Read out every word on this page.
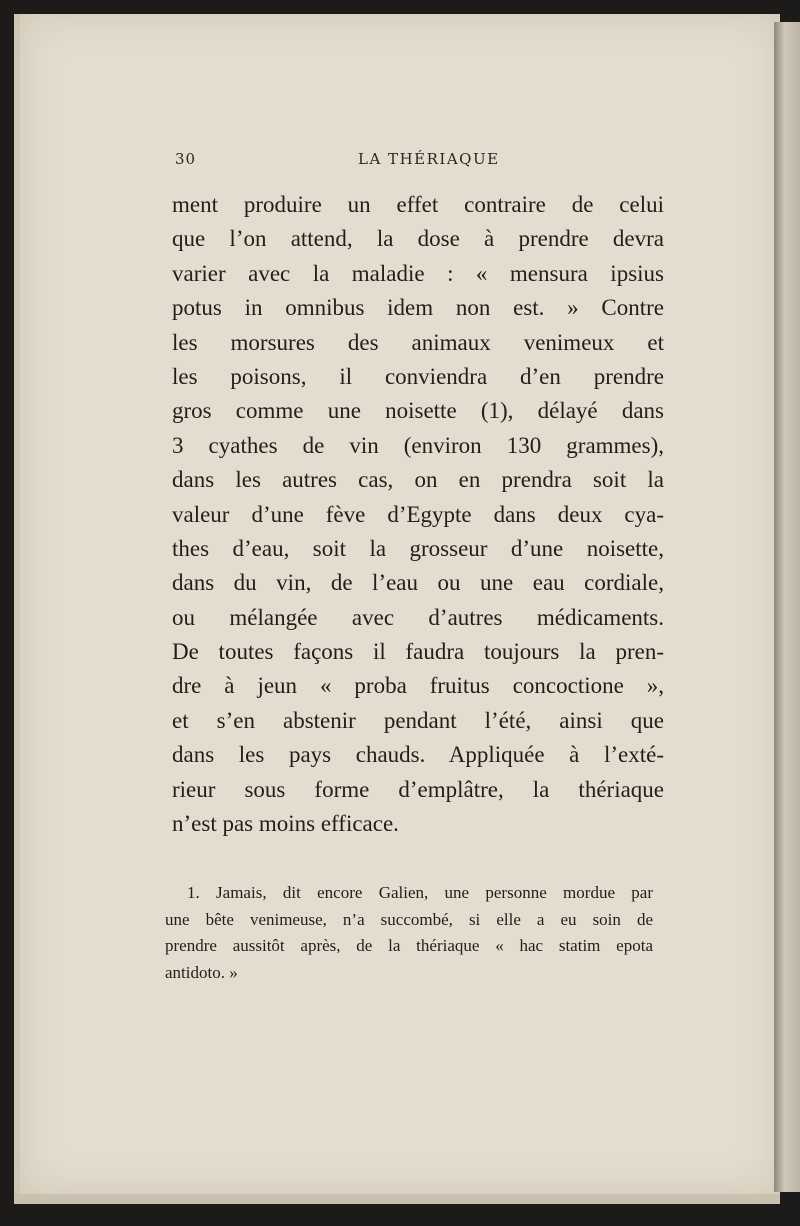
30	LA THÉRIAQUE
ment produire un effet contraire de celui
que l’on attend, la dose à prendre devra
varier avec la maladie : « mensura ipsius
potus in omnibus idem non est. » Contre
les morsures des animaux venimeux et
les poisons, il conviendra d’en prendre
gros comme une noisette (1), délayé dans
3 cyathes de vin (environ 130 grammes),
dans les autres cas, on en prendra soit la
valeur d’une fève d’Egypte dans deux cya-
thes d’eau, soit la grosseur d’une noisette,
dans du vin, de l’eau ou une eau cordiale,
ou mélangée avec d’autres médicaments.
De toutes façons il faudra toujours la pren-
dre à jeun « proba fruitus concoctione »,
et s’en abstenir pendant l’été, ainsi que
dans les pays chauds. Appliquée à l’exté-
rieur sous forme d’emplâtre, la thériaque
n’est pas moins efficace.
1. Jamais, dit encore Galien, une personne mordue par
une bête venimeuse, n’a succombé, si elle a eu soin de
prendre aussitôt après, de la thériaque « hac statim epota
antidoto. »
